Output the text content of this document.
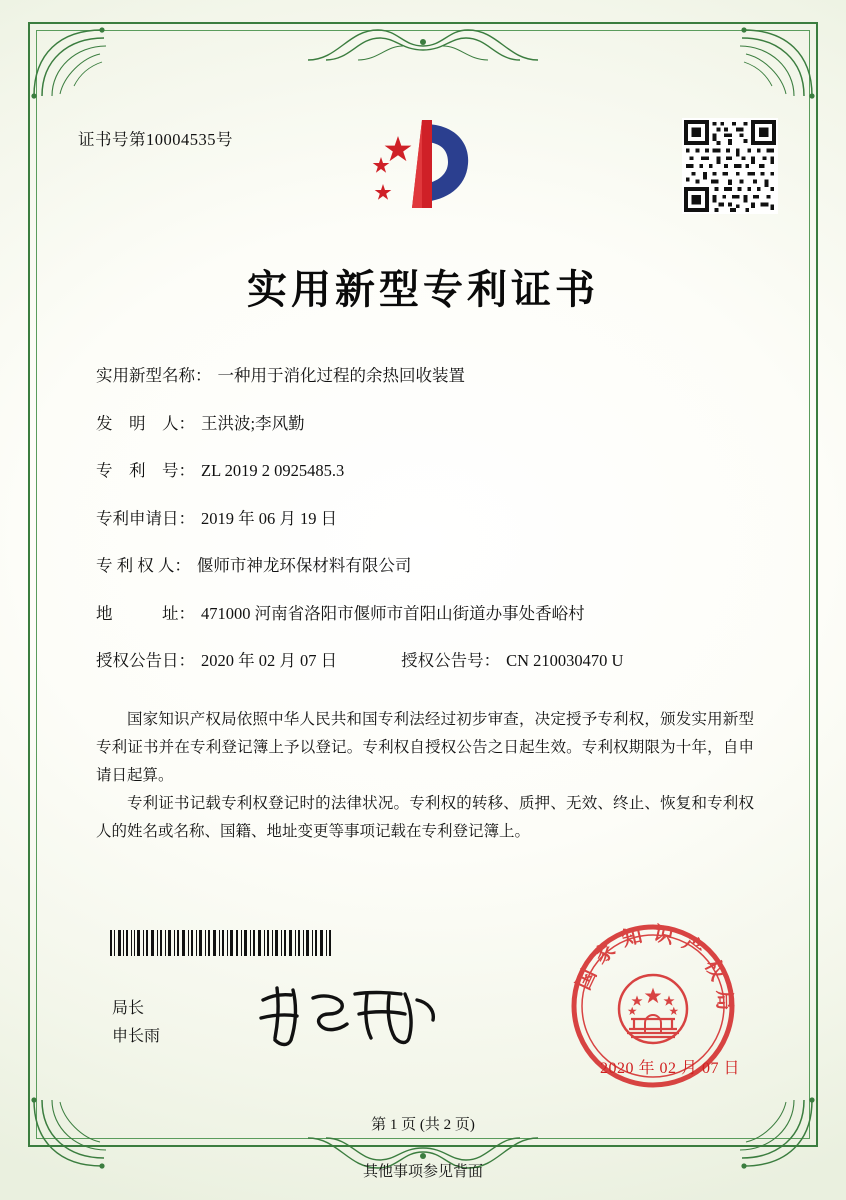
证书号第10004535号
实用新型专利证书
实用新型名称： 一种用于消化过程的余热回收装置
发　明　人： 王洪波;李风勤
专　利　号： ZL 2019 2 0925485.3
专利申请日： 2019 年 06 月 19 日
专 利 权 人： 偃师市神龙环保材料有限公司
地　　　址： 471000 河南省洛阳市偃师市首阳山街道办事处香峪村
授权公告日： 2020 年 02 月 07 日	授权公告号： CN 210030470 U

国家知识产权局依照中华人民共和国专利法经过初步审查，决定授予专利权，颁发实用新型专利证书并在专利登记簿上予以登记。专利权自授权公告之日起生效。专利权期限为十年，自申请日起算。

专利证书记载专利权登记时的法律状况。专利权的转移、质押、无效、终止、恢复和专利权人的姓名或名称、国籍、地址变更等事项记载在专利登记簿上。

局长
申长雨
国家知识产权局
2020 年 02 月 07 日
第 1 页 (共 2 页)
其他事项参见背面
